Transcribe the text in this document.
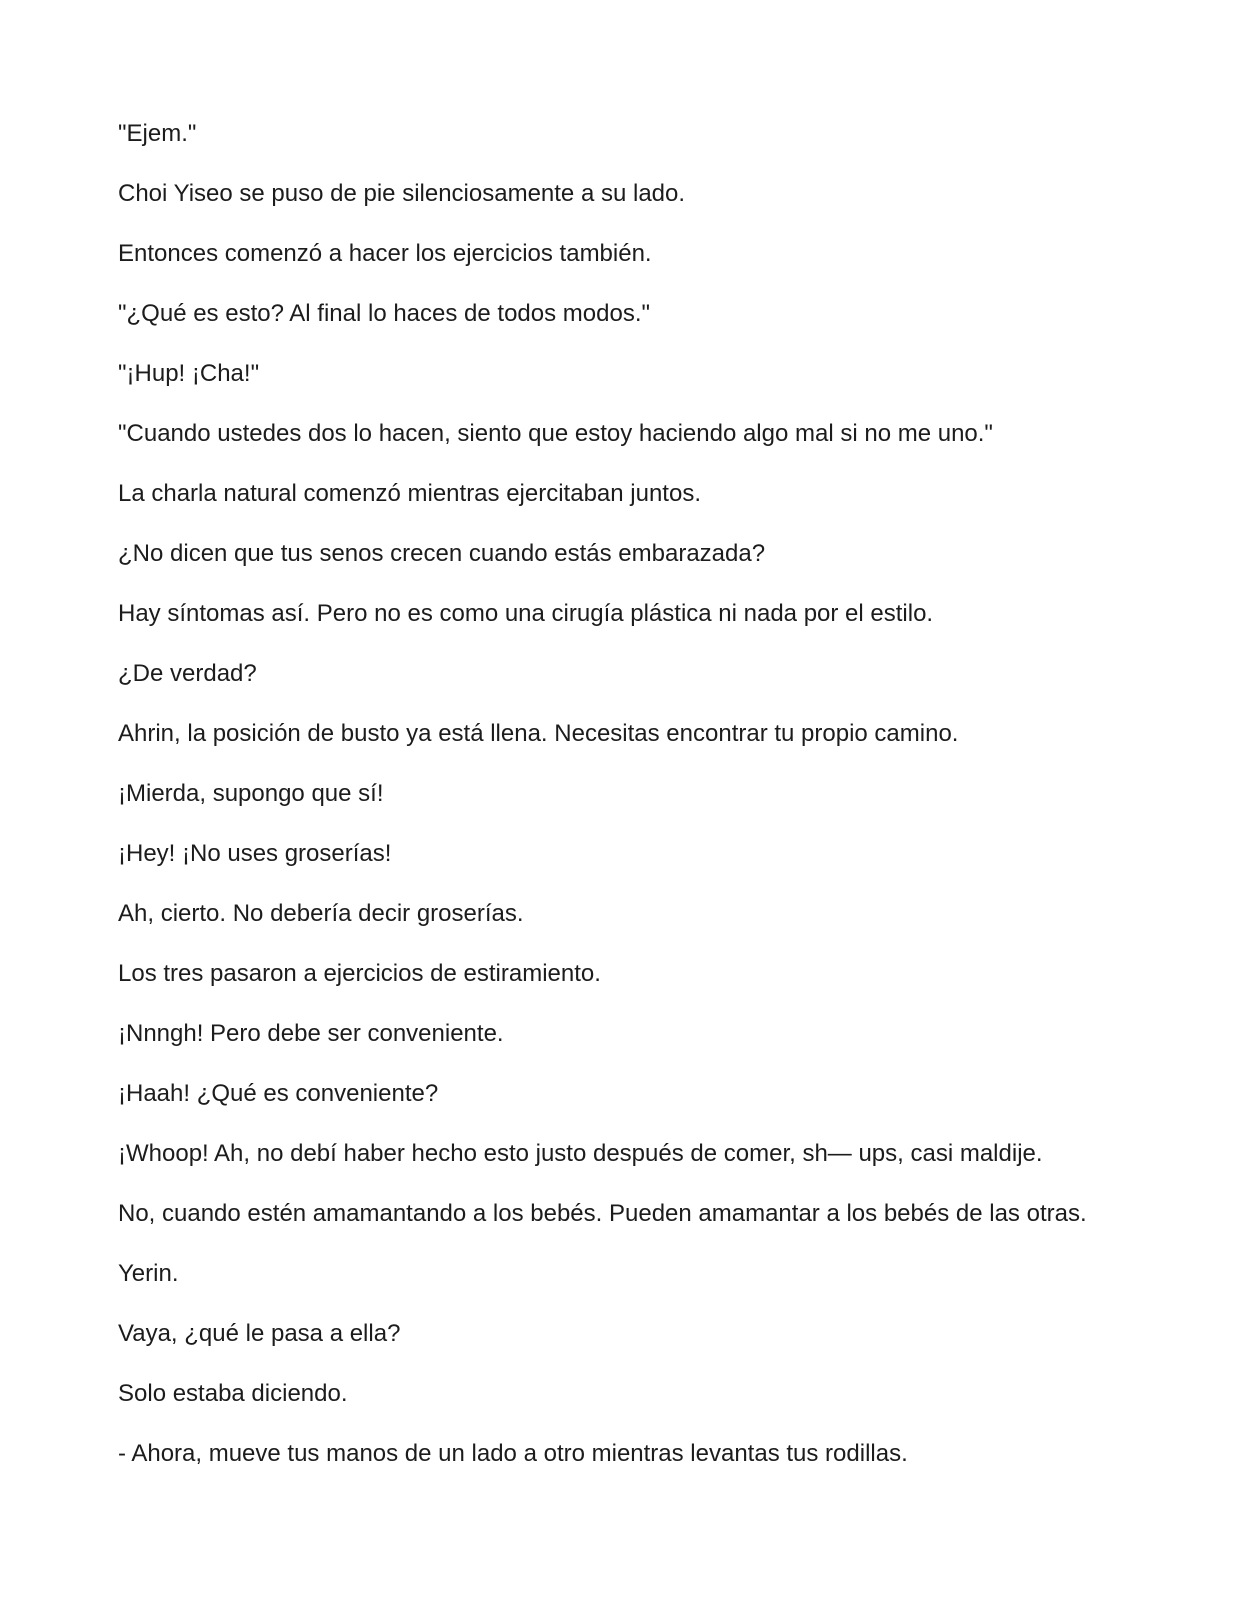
"Ejem."

Choi Yiseo se puso de pie silenciosamente a su lado.

Entonces comenzó a hacer los ejercicios también.

"¿Qué es esto? Al final lo haces de todos modos."

"¡Hup! ¡Cha!"

"Cuando ustedes dos lo hacen, siento que estoy haciendo algo mal si no me uno."

La charla natural comenzó mientras ejercitaban juntos.

¿No dicen que tus senos crecen cuando estás embarazada?

Hay síntomas así. Pero no es como una cirugía plástica ni nada por el estilo.

¿De verdad?

Ahrin, la posición de busto ya está llena. Necesitas encontrar tu propio camino.

¡Mierda, supongo que sí!

¡Hey! ¡No uses groserías!

Ah, cierto. No debería decir groserías.

Los tres pasaron a ejercicios de estiramiento.

¡Nnngh! Pero debe ser conveniente.

¡Haah! ¿Qué es conveniente?

¡Whoop! Ah, no debí haber hecho esto justo después de comer, sh— ups, casi maldije.

No, cuando estén amamantando a los bebés. Pueden amamantar a los bebés de las otras.

Yerin.

Vaya, ¿qué le pasa a ella?

Solo estaba diciendo.

- Ahora, mueve tus manos de un lado a otro mientras levantas tus rodillas.
